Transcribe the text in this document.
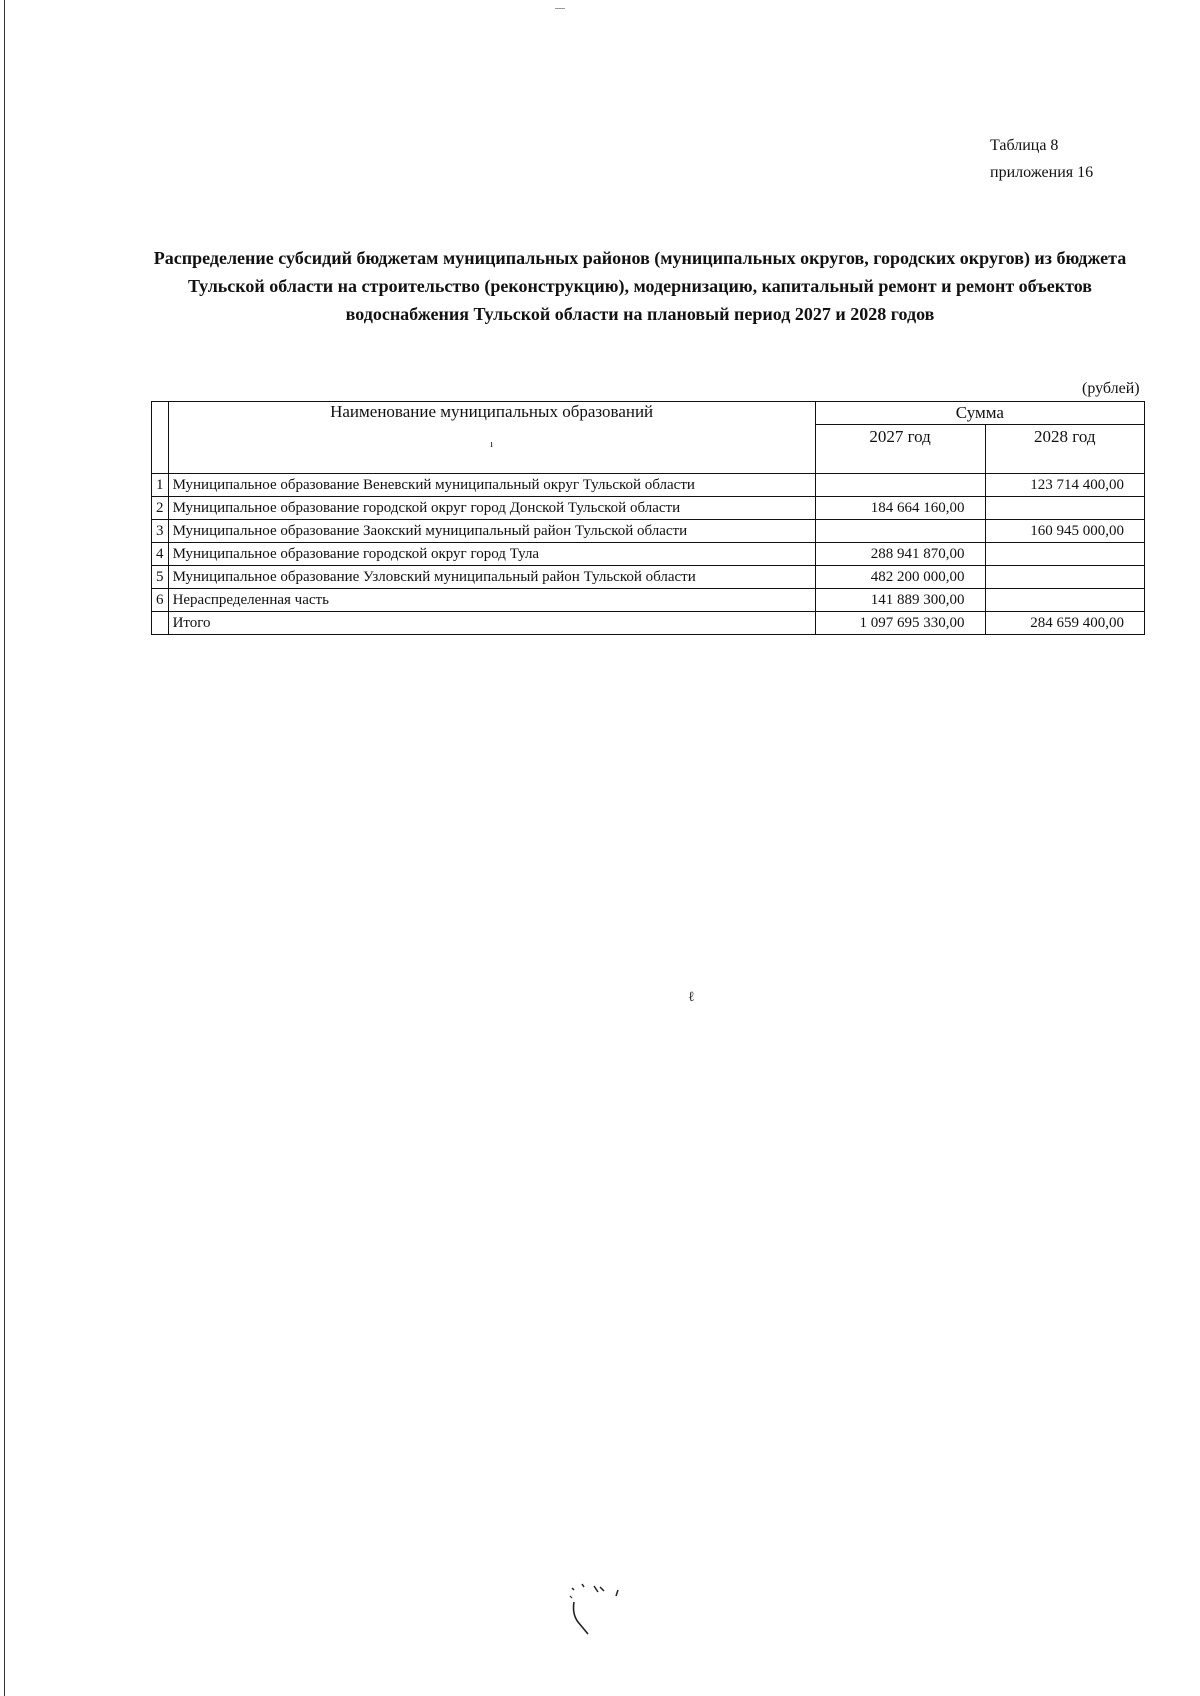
Таблица 8
приложения 16
Распределение субсидий бюджетам муниципальных районов (муниципальных округов, городских округов) из бюджета Тульской области на строительство (реконструкцию), модернизацию, капитальный ремонт и ремонт объектов водоснабжения Тульской области на плановый период 2027 и 2028 годов
(рублей)
	Наименование муниципальных образований
ı	Сумма	
		2027 год	2028 год
1	Муниципальное образование Веневский муниципальный округ Тульской области		123 714 400,00
2	Муниципальное образование городской округ город Донской Тульской области	184 664 160,00	
3	Муниципальное образование Заокский муниципальный район Тульской области		160 945 000,00
4	Муниципальное образование городской округ город Тула	288 941 870,00	
5	Муниципальное образование Узловский муниципальный район Тульской области	482 200 000,00	
6	Нераспределенная часть	141 889 300,00	
	Итого	1 097 695 330,00	284 659 400,00
ℓ
